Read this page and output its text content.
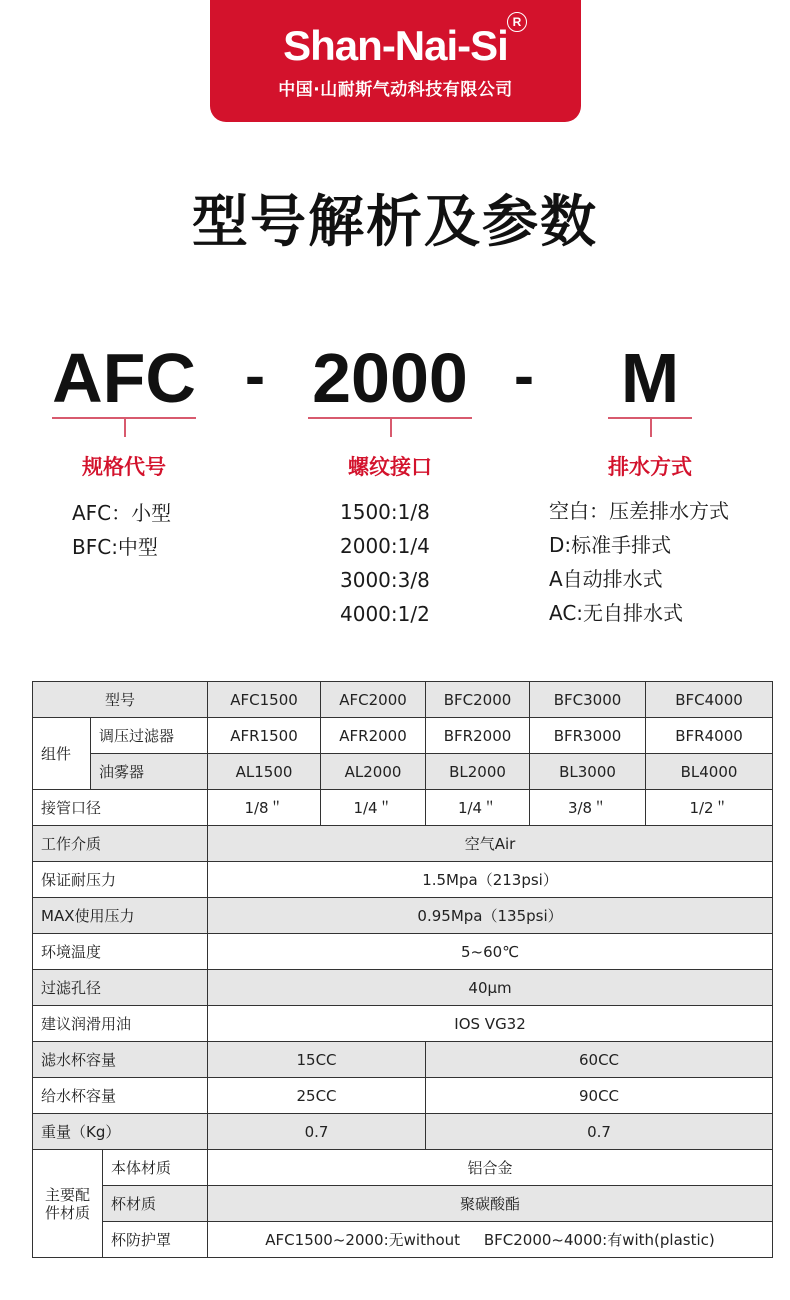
Shan-Nai-Si R
中国·山耐斯气动科技有限公司
型号解析及参数
AFC - 2000 - M
规格代号	螺纹接口	排水方式
AFC：小型
BFC:中型
1500:1/8
2000:1/4
3000:3/8
4000:1/2
空白：压差排水方式
D:标准手排式
A自动排水式
AC:无自排水式
型号			AFC1500	AFC2000	BFC2000	BFC3000	BFC4000
组件	调压过滤器		AFR1500	AFR2000	BFR2000	BFR3000	BFR4000
	油雾器		AL1500	AL2000	BL2000	BL3000	BL4000
接管口径			1/8＂	1/4＂	1/4＂	3/8＂	1/2＂
工作介质			空气Air				
保证耐压力			1.5Mpa（213psi）				
MAX使用压力			0.95Mpa（135psi）				
环境温度			5~60℃				
过滤孔径			40μm				
建议润滑用油			IOS VG32				
滤水杯容量			15CC		60CC		
给水杯容量			25CC		90CC		
重量（Kg）			0.7		0.7		
主要配件材质		本体材质	铝合金				
		杯材质	聚碳酸酯				
		杯防护罩	AFC1500~2000:无without     BFC2000~4000:有with(plastic)				
